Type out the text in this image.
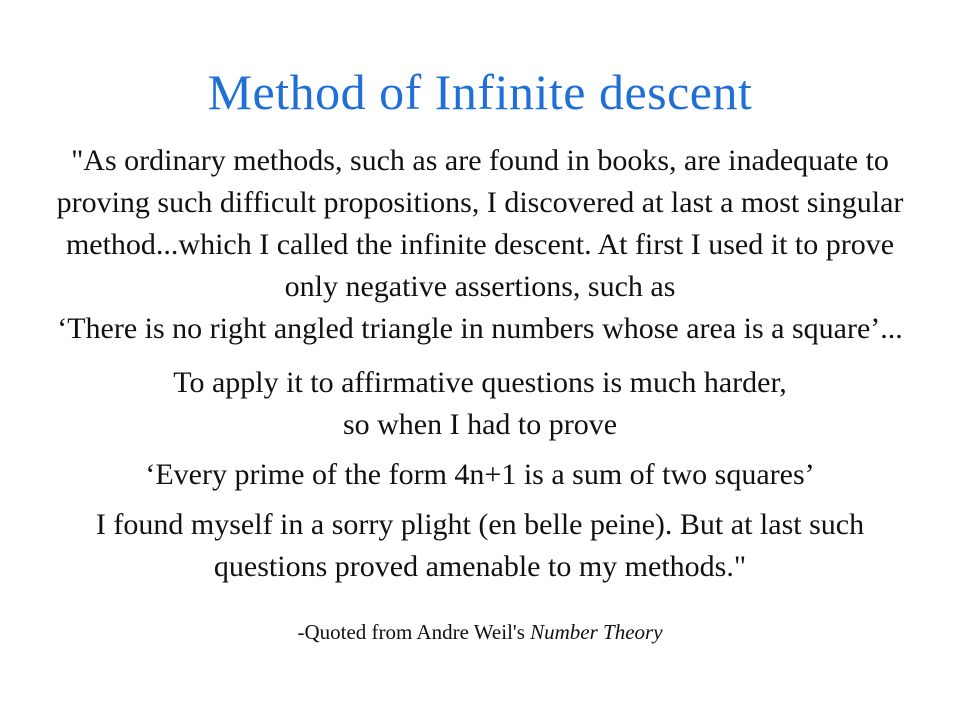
Method of Infinite descent

"As ordinary methods, such as are found in books, are inadequate to proving such difficult propositions, I discovered at last a most singular method...which I called the infinite descent. At first I used it to prove only negative assertions, such as
‘There is no right angled triangle in numbers whose area is a square’...

To apply it to affirmative questions is much harder,
so when I had to prove

‘Every prime of the form 4n+1 is a sum of two squares’

I found myself in a sorry plight (en belle peine). But at last such questions proved amenable to my methods."

-Quoted from Andre Weil's Number Theory
